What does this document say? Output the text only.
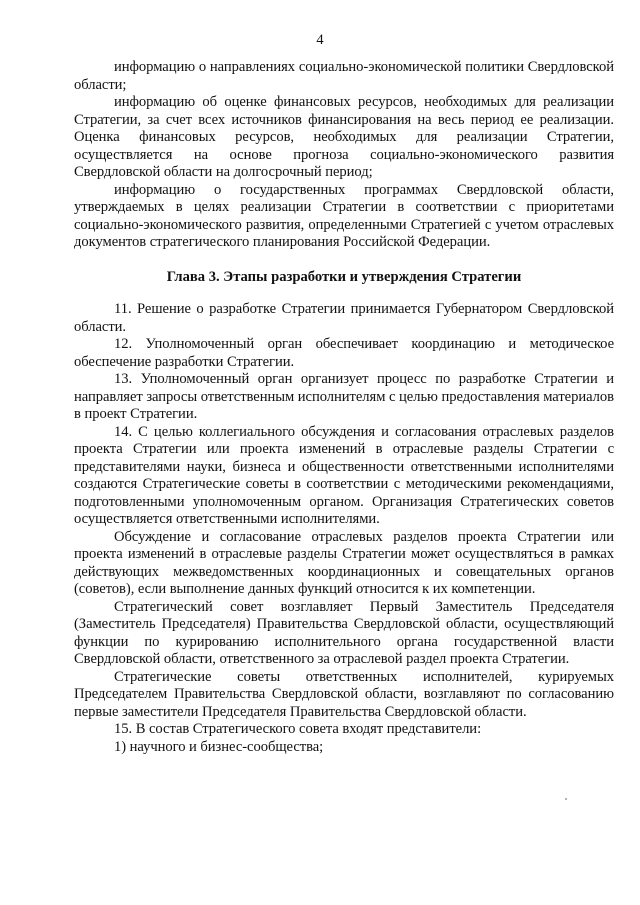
4

информацию о направлениях социально-экономической политики Свердловской области;

информацию об оценке финансовых ресурсов, необходимых для реализации Стратегии, за счет всех источников финансирования на весь период ее реализации. Оценка финансовых ресурсов, необходимых для реализации Стратегии, осуществляется на основе прогноза социально-экономического развития Свердловской области на долгосрочный период;

информацию о государственных программах Свердловской области, утверждаемых в целях реализации Стратегии в соответствии с приоритетами социально-экономического развития, определенными Стратегией с учетом отраслевых документов стратегического планирования Российской Федерации.

Глава 3. Этапы разработки и утверждения Стратегии

11. Решение о разработке Стратегии принимается Губернатором Свердловской области.

12. Уполномоченный орган обеспечивает координацию и методическое обеспечение разработки Стратегии.

13. Уполномоченный орган организует процесс по разработке Стратегии и направляет запросы ответственным исполнителям с целью предоставления материалов в проект Стратегии.

14. С целью коллегиального обсуждения и согласования отраслевых разделов проекта Стратегии или проекта изменений в отраслевые разделы Стратегии с представителями науки, бизнеса и общественности ответственными исполнителями создаются Стратегические советы в соответствии с методическими рекомендациями, подготовленными уполномоченным органом. Организация Стратегических советов осуществляется ответственными исполнителями.

Обсуждение и согласование отраслевых разделов проекта Стратегии или проекта изменений в отраслевые разделы Стратегии может осуществляться в рамках действующих межведомственных координационных и совещательных органов (советов), если выполнение данных функций относится к их компетенции.

Стратегический совет возглавляет Первый Заместитель Председателя (Заместитель Председателя) Правительства Свердловской области, осуществляющий функции по курированию исполнительного органа государственной власти Свердловской области, ответственного за отраслевой раздел проекта Стратегии.

Стратегические советы ответственных исполнителей, курируемых Председателем Правительства Свердловской области, возглавляют по согласованию первые заместители Председателя Правительства Свердловской области.

15. В состав Стратегического совета входят представители:

1) научного и бизнес-сообщества;
